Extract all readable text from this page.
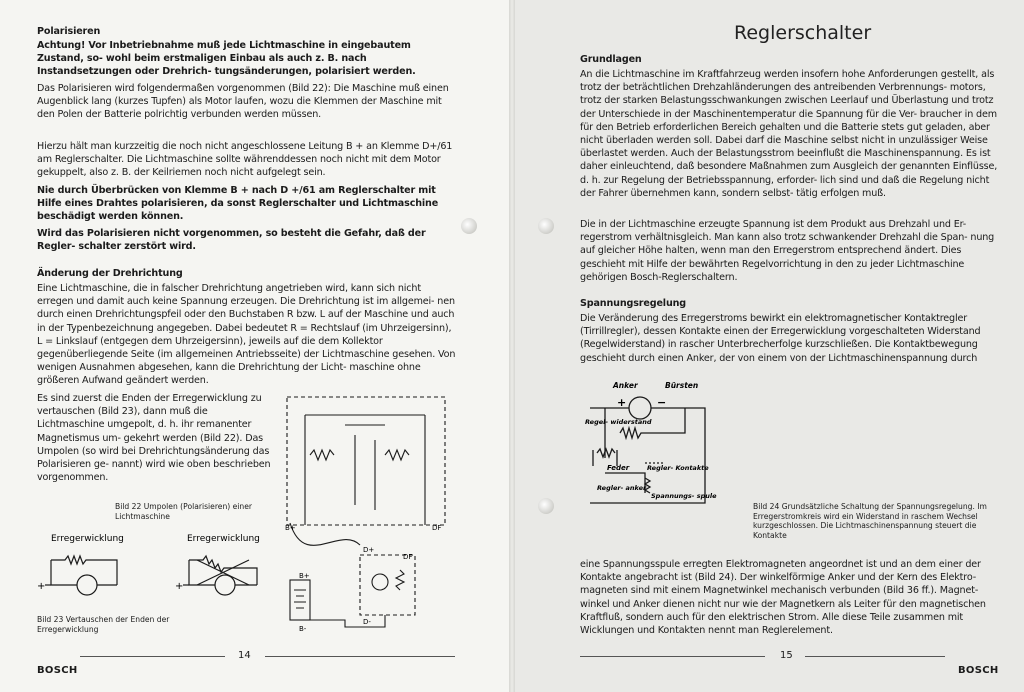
Polarisieren

Achtung! Vor Inbetriebnahme muß jede Lichtmaschine in eingebautem Zustand, so- wohl beim erstmaligen Einbau als auch z. B. nach Instandsetzungen oder Drehrich- tungsänderungen, polarisiert werden.

Das Polarisieren wird folgendermaßen vorgenommen (Bild 22): Die Maschine muß einen Augenblick lang (kurzes Tupfen) als Motor laufen, wozu die Klemmen der Maschine mit den Polen der Batterie polrichtig verbunden werden müssen.

Hierzu hält man kurzzeitig die noch nicht angeschlossene Leitung B + an Klemme D+/61 am Reglerschalter. Die Lichtmaschine sollte währenddessen noch nicht mit dem Motor gekuppelt, also z. B. der Keilriemen noch nicht aufgelegt sein.

Nie durch Überbrücken von Klemme B + nach D +/61 am Reglerschalter mit Hilfe eines Drahtes polarisieren, da sonst Reglerschalter und Lichtmaschine beschädigt werden können.

Wird das Polarisieren nicht vorgenommen, so besteht die Gefahr, daß der Regler- schalter zerstört wird.

Änderung der Drehrichtung

Eine Lichtmaschine, die in falscher Drehrichtung angetrieben wird, kann sich nicht erregen und damit auch keine Spannung erzeugen. Die Drehrichtung ist im allgemei- nen durch einen Drehrichtungspfeil oder den Buchstaben R bzw. L auf der Maschine und auch in der Typenbezeichnung angegeben. Dabei bedeutet R = Rechtslauf (im Uhrzeigersinn), L = Linkslauf (entgegen dem Uhrzeigersinn), jeweils auf die dem Kollektor gegenüberliegende Seite (im allgemeinen Antriebsseite) der Lichtmaschine gesehen. Von wenigen Ausnahmen abgesehen, kann die Drehrichtung der Licht- maschine ohne größeren Aufwand geändert werden.

Es sind zuerst die Enden der Erregerwicklung zu vertauschen (Bild 23), dann muß die Lichtmaschine umgepolt, d. h. ihr remanenter Magnetismus um- gekehrt werden (Bild 22). Das Umpolen (so wird bei Drehrichtungsänderung das Polarisieren ge- nannt) wird wie oben beschrieben vorgenommen.

Bild 22 Umpolen (Polarisieren) einer Lichtmaschine

Bild 23 Vertauschen der Enden der Erregerwicklung

Erregerwicklung	Erregerwicklung
+	+
B+	DF
D+
DF
D-
B+
B-
BOSCH
14
Reglerschalter

Grundlagen

An die Lichtmaschine im Kraftfahrzeug werden insofern hohe Anforderungen gestellt, als trotz der beträchtlichen Drehzahländerungen des antreibenden Verbrennungs- motors, trotz der starken Belastungsschwankungen zwischen Leerlauf und Überlastung und trotz der Unterschiede in der Maschinentemperatur die Spannung für die Ver- braucher in dem für den Betrieb erforderlichen Bereich gehalten und die Batterie stets gut geladen, aber nicht überladen werden soll. Dabei darf die Maschine selbst nicht in unzulässiger Weise überlastet werden. Auch der Belastungsstrom beeinflußt die Maschinenspannung. Es ist daher einleuchtend, daß besondere Maßnahmen zum Ausgleich der genannten Einflüsse, d. h. zur Regelung der Betriebsspannung, erforder- lich sind und daß die Regelung nicht der Fahrer übernehmen kann, sondern selbst- tätig erfolgen muß.

Die in der Lichtmaschine erzeugte Spannung ist dem Produkt aus Drehzahl und Er- regerstrom verhältnisgleich. Man kann also trotz schwankender Drehzahl die Span- nung auf gleicher Höhe halten, wenn man den Erregerstrom entsprechend ändert. Dies geschieht mit Hilfe der bewährten Regelvorrichtung in den zu jeder Lichtmaschine gehörigen Bosch-Reglerschaltern.

Spannungsregelung

Die Veränderung des Erregerstroms bewirkt ein elektromagnetischer Kontaktregler (Tirrillregler), dessen Kontakte einen der Erregerwicklung vorgeschalteten Widerstand (Regelwiderstand) in rascher Unterbrecherfolge kurzschließen. Die Kontaktbewegung geschieht durch einen Anker, der von einem von der Lichtmaschinenspannung durch

Anker	Bürsten
Regel- widerstand
Feder	Regler- Kontakte
Regler- anker
Spannungs- spule
+	−

Bild 24 Grundsätzliche Schaltung der Spannungsregelung. Im Erregerstromkreis wird ein Widerstand in raschem Wechsel kurzgeschlossen. Die Lichtmaschinenspannung steuert die Kontakte

eine Spannungsspule erregten Elektromagneten angeordnet ist und an dem einer der Kontakte angebracht ist (Bild 24). Der winkelförmige Anker und der Kern des Elektro- magneten sind mit einem Magnetwinkel mechanisch verbunden (Bild 36 ff.). Magnet- winkel und Anker dienen nicht nur wie der Magnetkern als Leiter für den magnetischen Kraftfluß, sondern auch für den elektrischen Strom. Alle diese Teile zusammen mit Wicklungen und Kontakten nennt man Reglerelement.

15
BOSCH
